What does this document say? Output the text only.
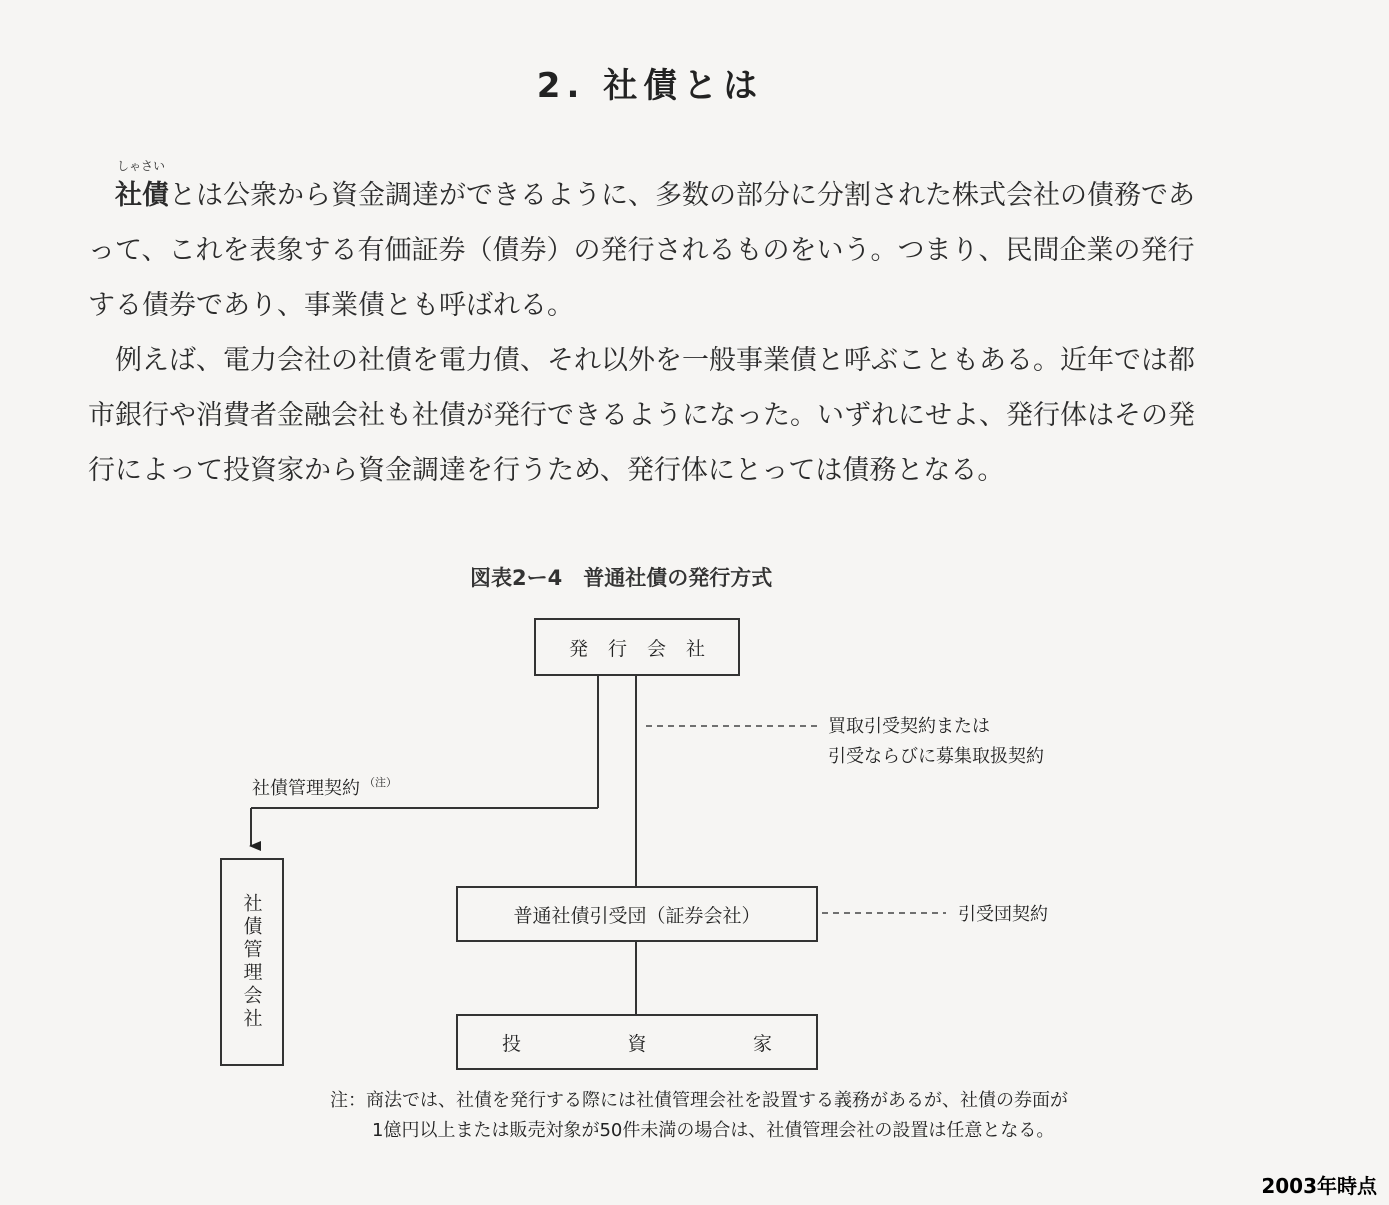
2. 社債とは

しゃさい
社債とは公衆から資金調達ができるように、多数の部分に分割された株式会社の債務であって、これを表象する有価証券（債券）の発行されるものをいう。つまり、民間企業の発行する債券であり、事業債とも呼ばれる。

例えば、電力会社の社債を電力債、それ以外を一般事業債と呼ぶこともある。近年では都市銀行や消費者金融会社も社債が発行できるようになった。いずれにせよ、発行体はその発行によって投資家から資金調達を行うため、発行体にとっては債務となる。

図表2ー4　普通社債の発行方式
発行会社
普通社債引受団（証券会社）
投	資	家
社債管理会社
買取引受契約または
引受ならびに募集取扱契約
社債管理契約 $^{(注)}$
引受団契約
注：商法では、社債を発行する際には社債管理会社を設置する義務があるが、社債の券面が
1億円以上または販売対象が50件未満の場合は、社債管理会社の設置は任意となる。
2003年時点
